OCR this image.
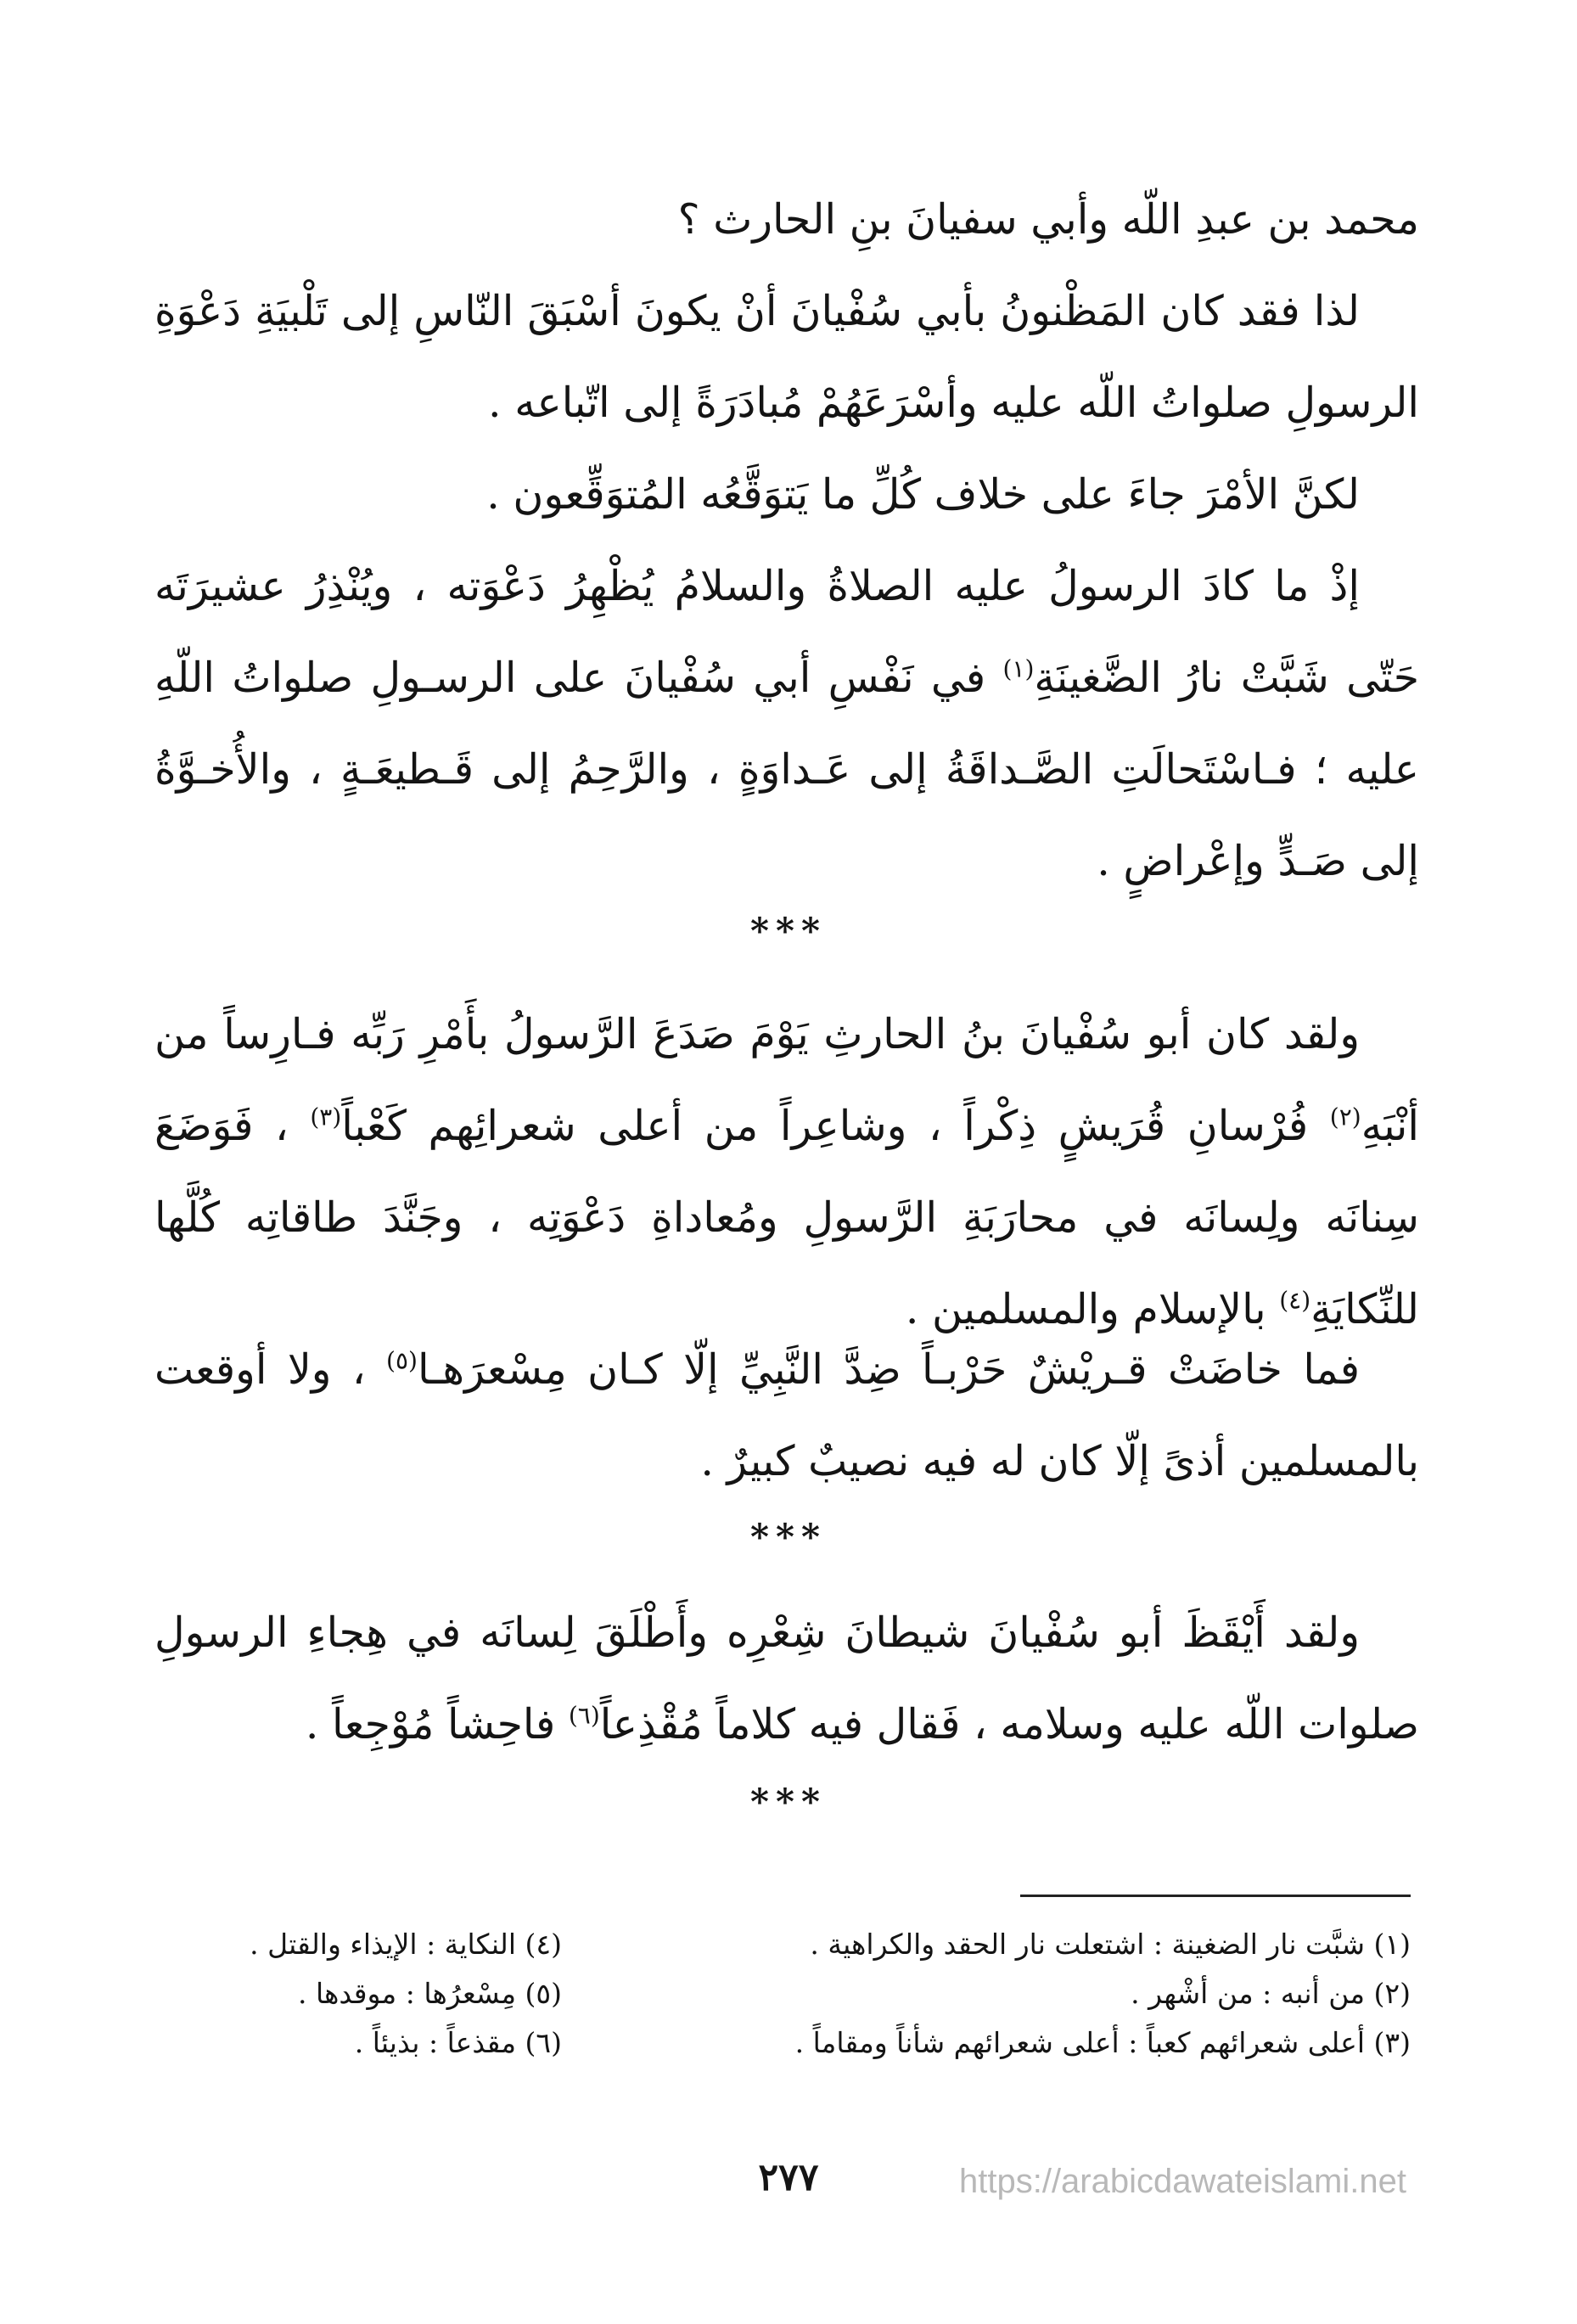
محمد بن عبدِ اللّه وأبي سفيانَ بنِ الحارث ؟

لذا فقد كان المَظْنونُ بأبي سُفْيانَ أنْ يكونَ أسْبَقَ النّاسِ إلى تَلْبيَةِ دَعْوَةِ الرسولِ صلواتُ اللّه عليه وأسْرَعَهُمْ مُبادَرَةً إلى اتّباعه .

لكنَّ الأمْرَ جاءَ على خلاف كُلِّ ما يَتوَقَّعُه المُتوَقِّعون .

إذْ ما كادَ الرسولُ عليه الصلاةُ والسلامُ يُظْهِرُ دَعْوَته ، ويُنْذِرُ عشيرَتَه حَتّى شَبَّتْ نارُ الضَّغينَةِ$^{(١)}$ في نَفْسِ أبي سُفْيانَ على الرسـولِ صلواتُ اللّهِ عليه ؛ فـاسْتَحالَتِ الصَّـداقَةُ إلى عَـداوَةٍ ، والرَّحِمُ إلى قَـطيعَـةٍ ، والأُخـوَّةُ إلى صَـدٍّ وإعْراضٍ .

***
ولقد كان أبو سُفْيانَ بنُ الحارثِ يَوْمَ صَدَعَ الرَّسولُ بأَمْرِ رَبِّه فـارِساً من أنْبَهِ$^{(٢)}$ فُرْسانِ قُرَيشٍ ذِكْراً ، وشاعِراً من أعلى شعرائِهم كَعْباً$^{(٣)}$ ، فَوَضَعَ سِنانَه ولِسانَه في محارَبَةِ الرَّسولِ ومُعاداةِ دَعْوَتِه ، وجَنَّدَ طاقاتِه كُلَّها للنِّكايَةِ$^{(٤)}$ بالإسلام والمسلمين .
فما خاضَتْ قـريْشٌ حَرْبـاً ضِدَّ النَّبِيِّ إلّا كـان مِسْعرَهـا$^{(٥)}$ ، ولا أوقعت بالمسلمين أذىً إلّا كان له فيه نصيبٌ كبيرٌ .
***
ولقد أَيْقَظَ أبو سُفْيانَ شيطانَ شِعْرِه وأَطْلَقَ لِسانَه في هِجاءِ الرسولِ صلوات اللّه عليه وسلامه ، فَقال فيه كلاماً مُقْذِعاً$^{(٦)}$ فاحِشاً مُوْجِعاً .
***

(١) شبَّت نار الضغينة : اشتعلت نار الحقد والكراهية .

(٢) من أنبه : من أشْهر .

(٣) أعلى شعرائهم كعباً : أعلى شعرائهم شأناً ومقاماً .

(٤) النكاية : الإيذاء والقتل .

(٥) مِسْعرُها : موقدها .

(٦) مقذعاً : بذيئاً .

٢٧٧	https://arabicdawateislami.net
